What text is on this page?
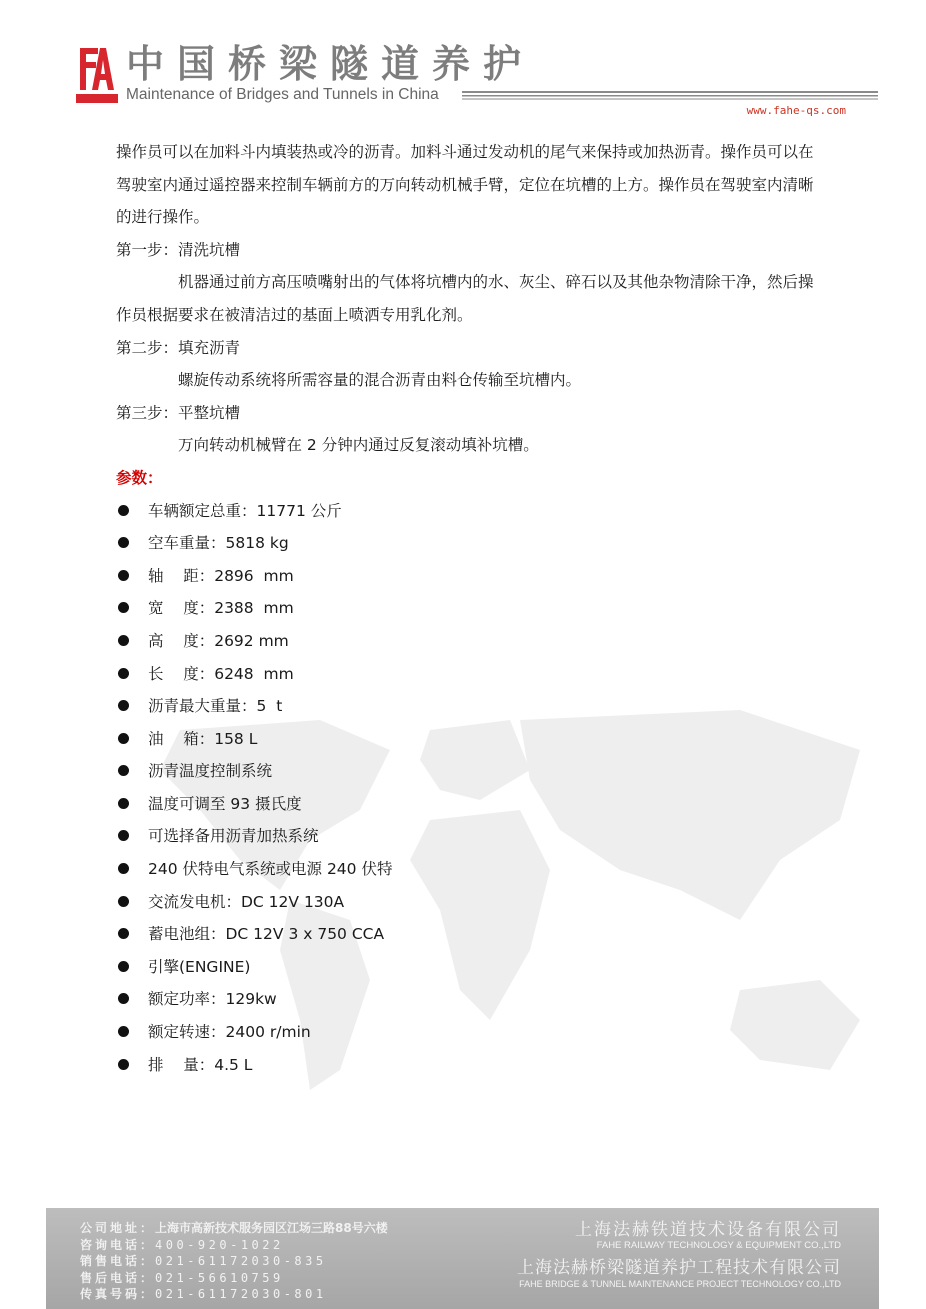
中国桥梁隧道养护
Maintenance of Bridges and Tunnels in China
www.fahe-qs.com

操作员可以在加料斗内填装热或冷的沥青。加料斗通过发动机的尾气来保持或加热沥青。操作员可以在驾驶室内通过遥控器来控制车辆前方的万向转动机械手臂，定位在坑槽的上方。操作员在驾驶室内清晰的进行操作。

第一步：清洗坑槽

机器通过前方高压喷嘴射出的气体将坑槽内的水、灰尘、碎石以及其他杂物清除干净，然后操作员根据要求在被清洁过的基面上喷洒专用乳化剂。

第二步：填充沥青

螺旋传动系统将所需容量的混合沥青由料仓传输至坑槽内。

第三步：平整坑槽

万向转动机械臂在 2 分钟内通过反复滚动填补坑槽。

参数：

车辆额定总重：11771 公斤
空车重量：5818 kg
轴    距：2896  mm
宽    度：2388  mm
高    度：2692 mm
长    度：6248  mm
沥青最大重量：5  t
油    箱：158 L
沥青温度控制系统
温度可调至 93 摄氏度
可选择备用沥青加热系统
240 伏特电气系统或电源 240 伏特
交流发电机：DC 12V 130A
蓄电池组：DC 12V 3 x 750 CCA
引擎(ENGINE)
额定功率：129kw
额定转速：2400 r/min
排    量：4.5 L
公司地址：上海市高新技术服务园区江场三路88号六楼
咨询电话：400-920-1022
销售电话：021-61172030-835
售后电话：021-56610759
传真号码：021-61172030-801
上海法赫铁道技术设备有限公司
FAHE RAILWAY TECHNOLOGY & EQUIPMENT CO.,LTD
上海法赫桥梁隧道养护工程技术有限公司
FAHE BRIDGE & TUNNEL MAINTENANCE PROJECT TECHNOLOGY CO.,LTD
